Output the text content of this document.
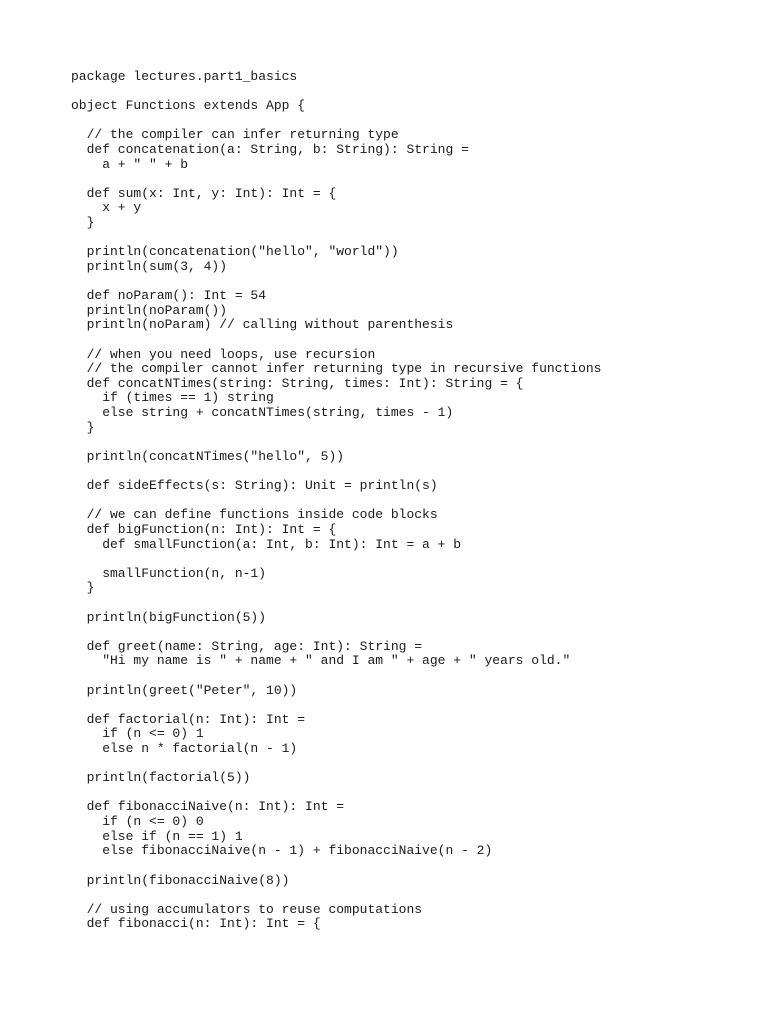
package lectures.part1_basics
object Functions extends App {
// the compiler can infer returning type
def concatenation(a: String, b: String): String =
a + " " + b
def sum(x: Int, y: Int): Int = {
x + y
}
println(concatenation("hello", "world"))
println(sum(3, 4))
def noParam(): Int = 54
println(noParam())
println(noParam) // calling without parenthesis
// when you need loops, use recursion
// the compiler cannot infer returning type in recursive functions
def concatNTimes(string: String, times: Int): String = {
if (times == 1) string
else string + concatNTimes(string, times - 1)
}
println(concatNTimes("hello", 5))
def sideEffects(s: String): Unit = println(s)
// we can define functions inside code blocks
def bigFunction(n: Int): Int = {
def smallFunction(a: Int, b: Int): Int = a + b
smallFunction(n, n-1)
}
println(bigFunction(5))
def greet(name: String, age: Int): String =
"Hi my name is " + name + " and I am " + age + " years old."
println(greet("Peter", 10))
def factorial(n: Int): Int =
if (n <= 0) 1
else n * factorial(n - 1)
println(factorial(5))
def fibonacciNaive(n: Int): Int =
if (n <= 0) 0
else if (n == 1) 1
else fibonacciNaive(n - 1) + fibonacciNaive(n - 2)
println(fibonacciNaive(8))
// using accumulators to reuse computations
def fibonacci(n: Int): Int = {
